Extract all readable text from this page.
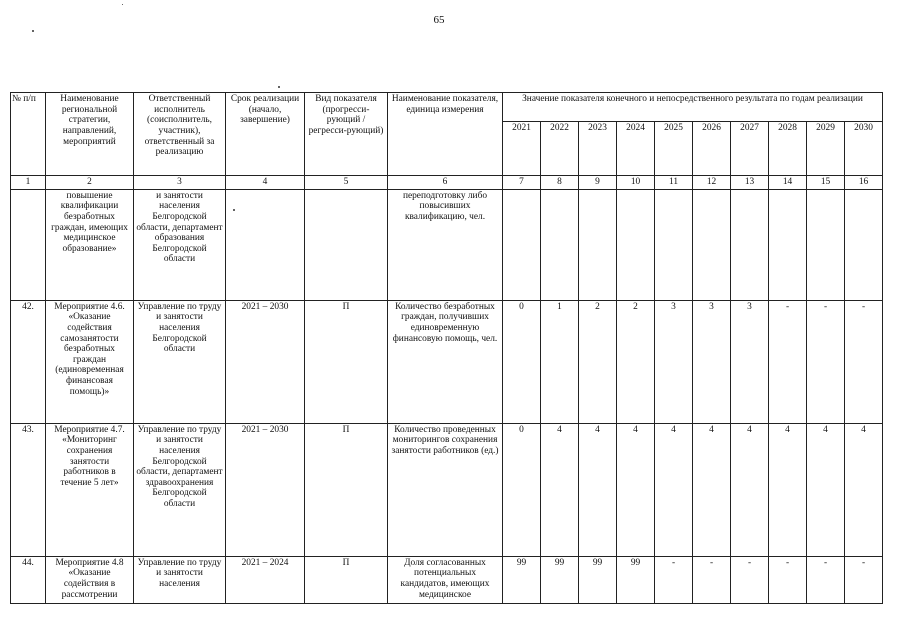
65
№ п/п	Наименование региональной стратегии, направлений, мероприятий	Ответственный исполнитель (соисполнитель, участник), ответственный за реализацию	Срок реализации (начало, завершение)	Вид показателя (прогресси-рующий / регресси-рующий)	Наименование показателя, единица измерения	Значение показателя конечного и непосредственного результата по годам реализации									
						2021	2022	2023	2024	2025	2026	2027	2028	2029	2030
1	2	3	4	5	6	7	8	9	10	11	12	13	14	15	16
	повышение квалификации безработных граждан, имеющих медицинское образование»	и занятости населения Белгородской области, департамент образования Белгородской области			переподготовку либо повысивших квалификацию, чел.										
42.	Мероприятие 4.6. «Оказание содействия самозанятости безработных граждан (единовременная финансовая помощь)»	Управление по труду и занятости населения Белгородской области	2021 – 2030	П	Количество безработных граждан, получивших единовременную финансовую помощь, чел.	0	1	2	2	3	3	3	-	-	-
43.	Мероприятие 4.7. «Мониторинг сохранения занятости работников в течение 5 лет»	Управление по труду и занятости населения Белгородской области, департамент здравоохранения Белгородской области	2021 – 2030	П	Количество проведенных мониторингов сохранения занятости работников (ед.)	0	4	4	4	4	4	4	4	4	4
44.	Мероприятие 4.8 «Оказание содействия в рассмотрении	Управление по труду и занятости населения	2021 – 2024	П	Доля согласованных потенциальных кандидатов, имеющих медицинское	99	99	99	99	-	-	-	-	-	-
